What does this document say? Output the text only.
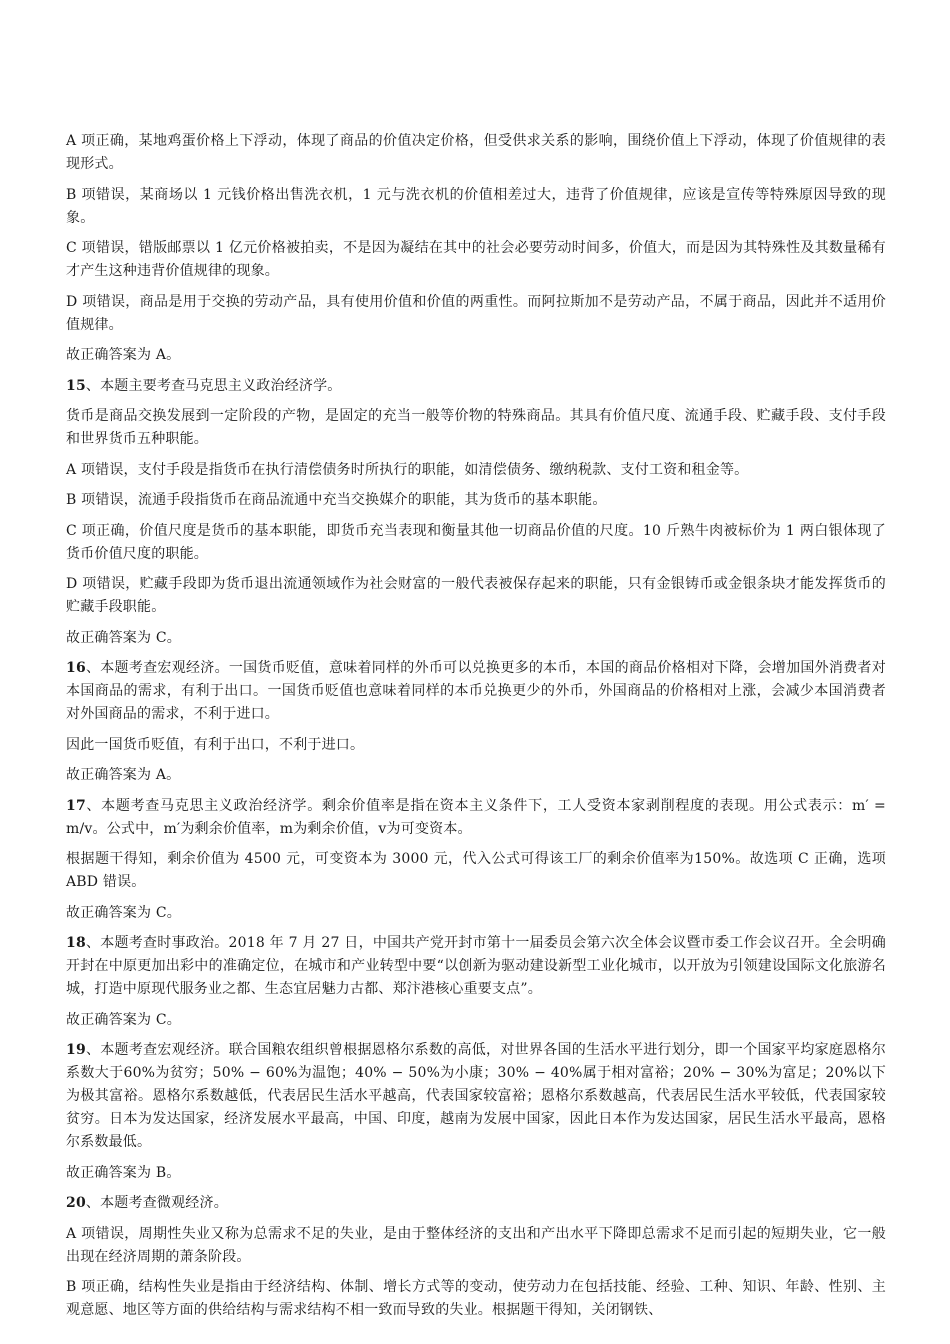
A 项正确，某地鸡蛋价格上下浮动，体现了商品的价值决定价格，但受供求关系的影响，围绕价值上下浮动，体现了价值规律的表现形式。

B 项错误，某商场以 1 元钱价格出售洗衣机，1 元与洗衣机的价值相差过大，违背了价值规律，应该是宣传等特殊原因导致的现象。

C 项错误，错版邮票以 1 亿元价格被拍卖，不是因为凝结在其中的社会必要劳动时间多，价值大，而是因为其特殊性及其数量稀有才产生这种违背价值规律的现象。

D 项错误，商品是用于交换的劳动产品，具有使用价值和价值的两重性。而阿拉斯加不是劳动产品，不属于商品，因此并不适用价值规律。

故正确答案为 A。

15、本题主要考查马克思主义政治经济学。

货币是商品交换发展到一定阶段的产物，是固定的充当一般等价物的特殊商品。其具有价值尺度、流通手段、贮藏手段、支付手段和世界货币五种职能。

A 项错误，支付手段是指货币在执行清偿债务时所执行的职能，如清偿债务、缴纳税款、支付工资和租金等。

B 项错误，流通手段指货币在商品流通中充当交换媒介的职能，其为货币的基本职能。

C 项正确，价值尺度是货币的基本职能，即货币充当表现和衡量其他一切商品价值的尺度。10 斤熟牛肉被标价为 1 两白银体现了货币价值尺度的职能。

D 项错误，贮藏手段即为货币退出流通领域作为社会财富的一般代表被保存起来的职能，只有金银铸币或金银条块才能发挥货币的贮藏手段职能。

故正确答案为 C。

16、本题考查宏观经济。一国货币贬值，意味着同样的外币可以兑换更多的本币，本国的商品价格相对下降，会增加国外消费者对本国商品的需求，有利于出口。一国货币贬值也意味着同样的本币兑换更少的外币，外国商品的价格相对上涨，会减少本国消费者对外国商品的需求，不利于进口。

因此一国货币贬值，有利于出口，不利于进口。

故正确答案为 A。

17、本题考查马克思主义政治经济学。剩余价值率是指在资本主义条件下，工人受资本家剥削程度的表现。用公式表示：m′ = m/v。公式中，m′为剩余价值率，m为剩余价值，v为可变资本。

根据题干得知，剩余价值为 4500 元，可变资本为 3000 元，代入公式可得该工厂的剩余价值率为150%。故选项 C 正确，选项 ABD 错误。

故正确答案为 C。

18、本题考查时事政治。2018 年 7 月 27 日，中国共产党开封市第十一届委员会第六次全体会议暨市委工作会议召开。全会明确开封在中原更加出彩中的准确定位，在城市和产业转型中要“以创新为驱动建设新型工业化城市，以开放为引领建设国际文化旅游名城，打造中原现代服务业之都、生态宜居魅力古都、郑汴港核心重要支点”。

故正确答案为 C。

19、本题考查宏观经济。联合国粮农组织曾根据恩格尔系数的高低，对世界各国的生活水平进行划分，即一个国家平均家庭恩格尔系数大于60%为贫穷；50% − 60%为温饱；40% − 50%为小康；30% − 40%属于相对富裕；20% − 30%为富足；20%以下为极其富裕。恩格尔系数越低，代表居民生活水平越高，代表国家较富裕；恩格尔系数越高，代表居民生活水平较低，代表国家较贫穷。日本为发达国家，经济发展水平最高，中国、印度，越南为发展中国家，因此日本作为发达国家，居民生活水平最高，恩格尔系数最低。

故正确答案为 B。

20、本题考查微观经济。

A 项错误，周期性失业又称为总需求不足的失业，是由于整体经济的支出和产出水平下降即总需求不足而引起的短期失业，它一般出现在经济周期的萧条阶段。

B 项正确，结构性失业是指由于经济结构、体制、增长方式等的变动，使劳动力在包括技能、经验、工种、知识、年龄、性别、主观意愿、地区等方面的供给结构与需求结构不相一致而导致的失业。根据题干得知，关闭钢铁、
